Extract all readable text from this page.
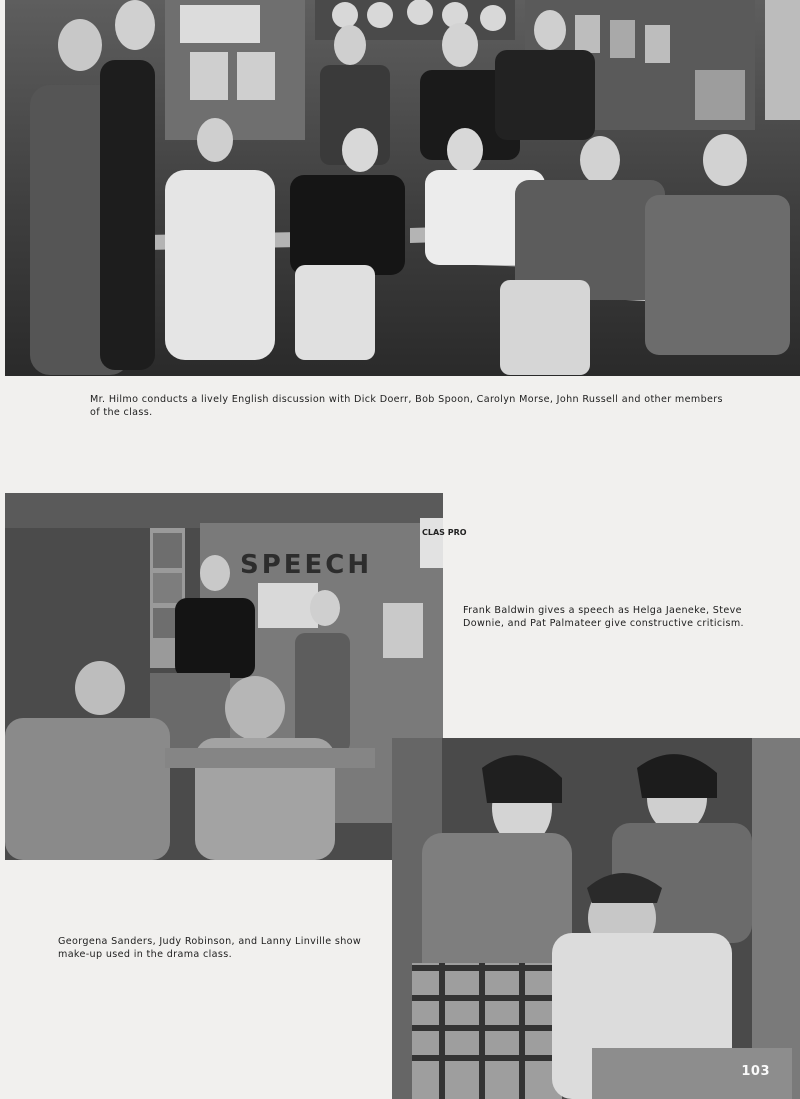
Mr. Hilmo conducts a lively English discussion with Dick Doerr, Bob Spoon, Carolyn Morse, John Russell and other members of the class.

SPEECH
CLAS PRO

Frank Baldwin gives a speech as Helga Jaeneke, Steve Downie, and Pat Palmateer give constructive criticism.

103

Georgena Sanders, Judy Robinson, and Lanny Linville show make-up used in the drama class.
